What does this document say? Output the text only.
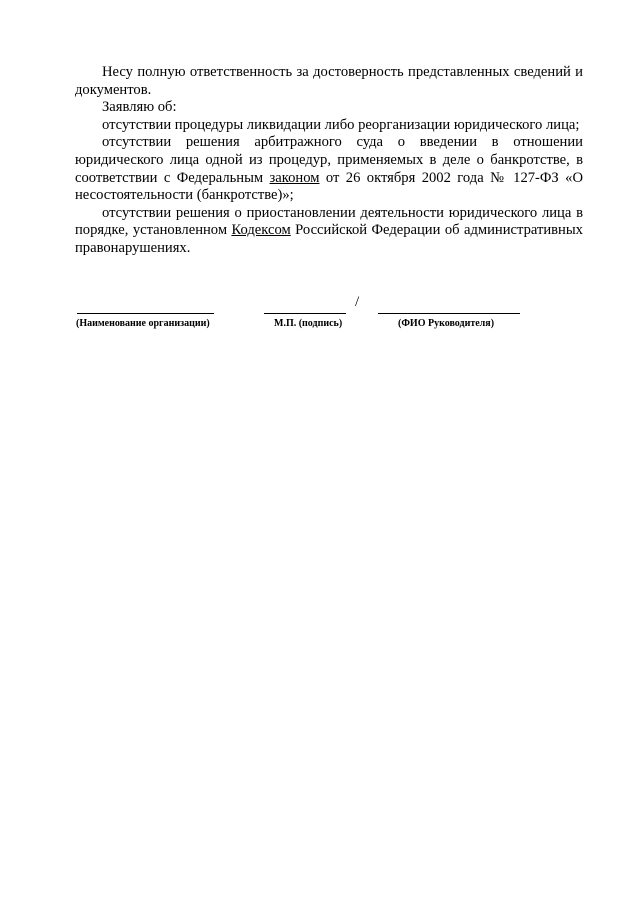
Несу полную ответственность за достоверность представленных сведений и документов.

Заявляю об:

отсутствии процедуры ликвидации либо реорганизации юридического лица;

отсутствии решения арбитражного суда о введении в отношении юридического лица одной из процедур, применяемых в деле о банкротстве, в соответствии с Федеральным законом от 26 октября 2002 года № 127-ФЗ «О несостоятельности (банкротстве)»;

отсутствии решения о приостановлении деятельности юридического лица в порядке, установленном Кодексом Российской Федерации об административных правонарушениях.

(Наименование организации)
/
М.П. (подпись)	(ФИО Руководителя)
